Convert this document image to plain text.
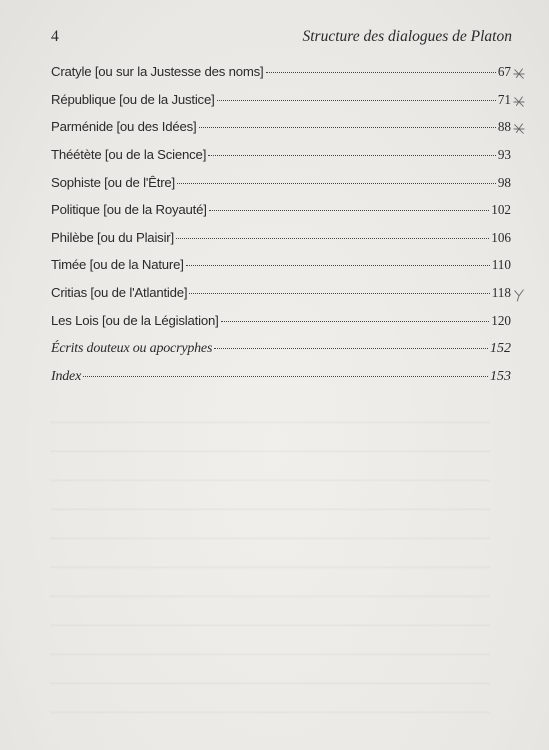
4	Structure des dialogues de Platon
Cratyle [ou sur la Justesse des noms]	67
République [ou de la Justice]	71
Parménide [ou des Idées]	88
Théétète [ou de la Science]	93
Sophiste [ou de l'Être]	98
Politique [ou de la Royauté]	102
Philèbe [ou du Plaisir]	106
Timée [ou de la Nature]	110
Critias [ou de l'Atlantide]	118
Les Lois [ou de la Législation]	120
Écrits douteux ou apocryphes	152
Index	153
